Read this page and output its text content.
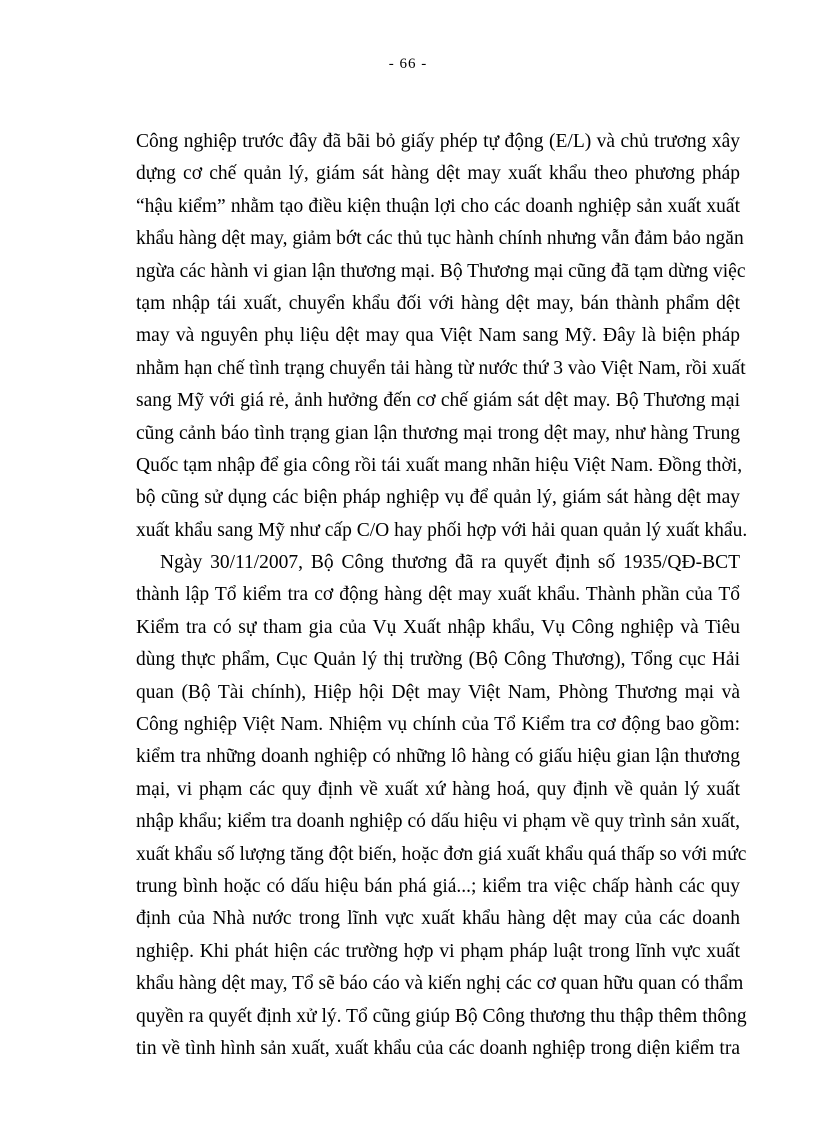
- 66 -
Công nghiệp trước đây đã bãi bỏ giấy phép tự động (E/L) và chủ trương xây
dựng cơ chế quản lý, giám sát hàng dệt may xuất khẩu theo phương pháp
“hậu kiểm” nhằm tạo điều kiện thuận lợi cho các doanh nghiệp sản xuất xuất
khẩu hàng dệt may, giảm bớt các thủ tục hành chính nhưng vẫn đảm bảo ngăn
ngừa các hành vi gian lận thương mại. Bộ Thương mại cũng đã tạm dừng việc
tạm nhập tái xuất, chuyển khẩu đối với hàng dệt may, bán thành phẩm dệt
may và nguyên phụ liệu dệt may qua Việt Nam sang Mỹ. Đây là biện pháp
nhằm hạn chế tình trạng chuyển tải hàng từ nước thứ 3 vào Việt Nam, rồi xuất
sang Mỹ với giá rẻ, ảnh hưởng đến cơ chế giám sát dệt may. Bộ Thương mại
cũng cảnh báo tình trạng gian lận thương mại trong dệt may, như hàng Trung
Quốc tạm nhập để gia công rồi tái xuất mang nhãn hiệu Việt Nam. Đồng thời,
bộ cũng sử dụng các biện pháp nghiệp vụ để quản lý, giám sát hàng dệt may
xuất khẩu sang Mỹ như cấp C/O hay phối hợp với hải quan quản lý xuất khẩu.
Ngày 30/11/2007, Bộ Công thương đã ra quyết định số 1935/QĐ-BCT
thành lập Tổ kiểm tra cơ động hàng dệt may xuất khẩu. Thành phần của Tổ
Kiểm tra có sự tham gia của Vụ Xuất nhập khẩu, Vụ Công nghiệp và Tiêu
dùng thực phẩm, Cục Quản lý thị trường (Bộ Công Thương), Tổng cục Hải
quan (Bộ Tài chính), Hiệp hội Dệt may Việt Nam, Phòng Thương mại và
Công nghiệp Việt Nam. Nhiệm vụ chính của Tổ Kiểm tra cơ động bao gồm:
kiểm tra những doanh nghiệp có những lô hàng có giấu hiệu gian lận thương
mại, vi phạm các quy định về xuất xứ hàng hoá, quy định về quản lý xuất
nhập khẩu; kiểm tra doanh nghiệp có dấu hiệu vi phạm về quy trình sản xuất,
xuất khẩu số lượng tăng đột biến, hoặc đơn giá xuất khẩu quá thấp so với mức
trung bình hoặc có dấu hiệu bán phá giá...; kiểm tra việc chấp hành các quy
định của Nhà nước trong lĩnh vực xuất khẩu hàng dệt may của các doanh
nghiệp. Khi phát hiện các trường hợp vi phạm pháp luật trong lĩnh vực xuất
khẩu hàng dệt may, Tổ sẽ báo cáo và kiến nghị các cơ quan hữu quan có thẩm
quyền ra quyết định xử lý. Tổ cũng giúp Bộ Công thương thu thập thêm thông
tin về tình hình sản xuất, xuất khẩu của các doanh nghiệp trong diện kiểm tra
